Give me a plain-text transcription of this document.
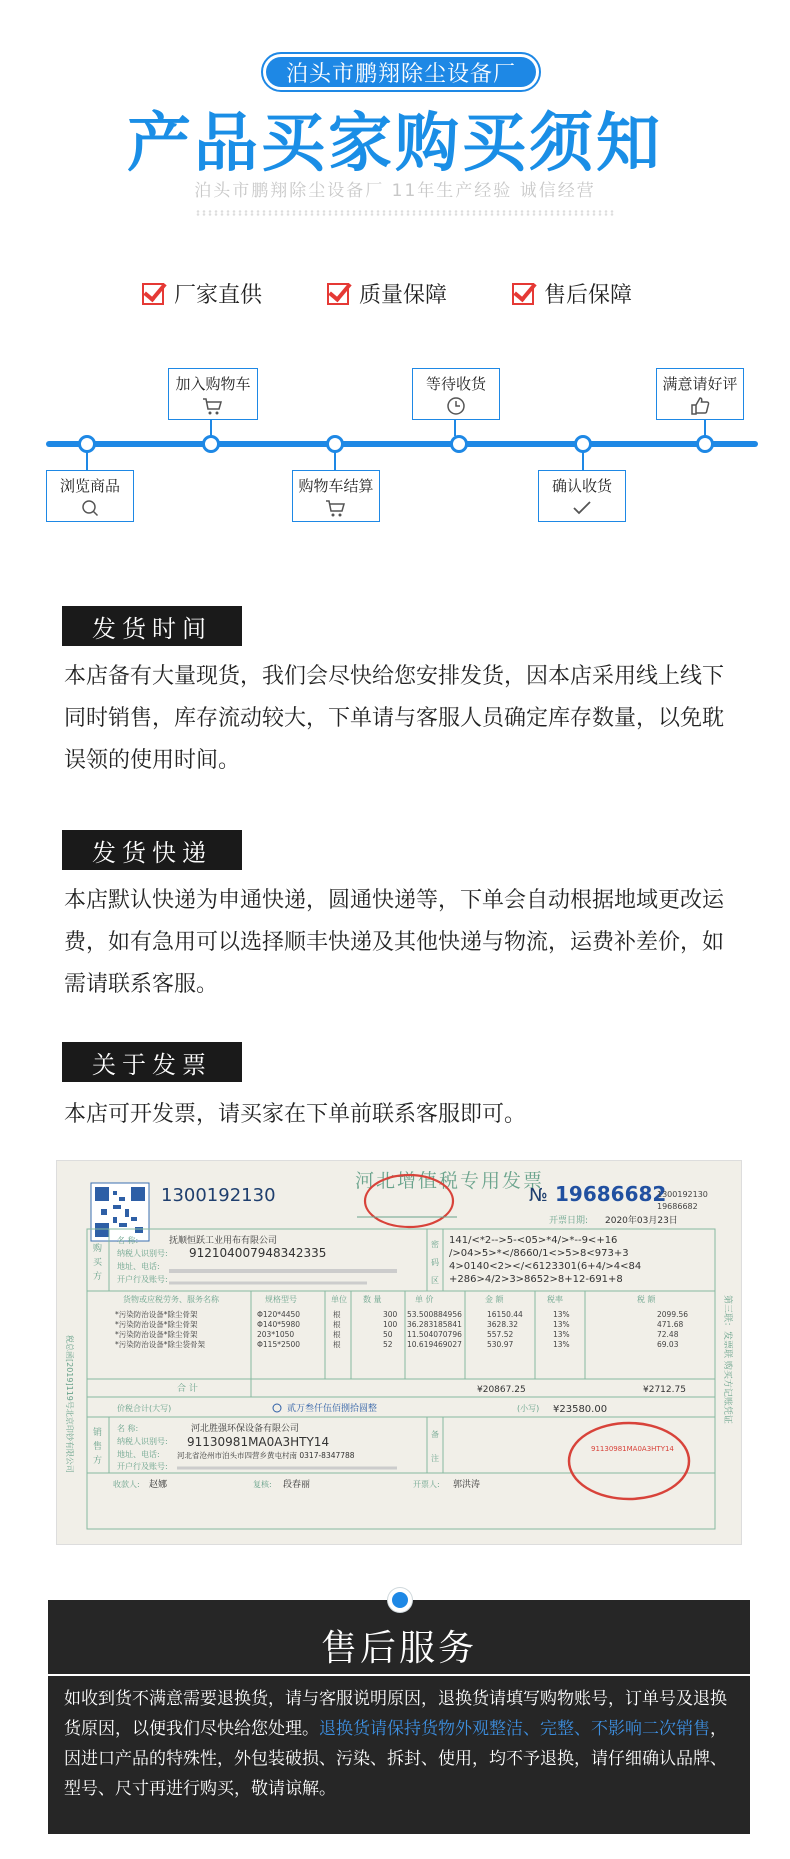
泊头市鹏翔除尘设备厂
产品买家购买须知
泊头市鹏翔除尘设备厂 11年生产经验 诚信经营
厂家直供	质量保障	售后保障
加入购物车	等待收货	满意请好评
浏览商品	购物车结算	确认收货
发货时间

本店备有大量现货，我们会尽快给您安排发货，因本店采用线上线下同时销售，库存流动较大，下单请与客服人员确定库存数量，以免耽误领的使用时间。

发货快递

本店默认快递为申通快递，圆通快递等，下单会自动根据地域更改运费，如有急用可以选择顺丰快递及其他快递与物流，运费补差价，如需请联系客服。

关于发票

本店可开发票，请买家在下单前联系客服即可。

1300192130
河北增值税专用发票
№ 19686682
1300192130
19686682
开票日期: 2020年03月23日
购
买
方
销
售
方
税总函[2019]119号北京印钞有限公司	第三联：发票联 购买方记账凭证
名 称:	抚顺恒跃工业用布有限公司
纳税人识别号: 91210400794834​2335
地址、电话:
开户行及账号:
密
码
区
141/<*2-->5-<05>*4/>*--9<+16
/>04>5>*</8660/1<>5>8<973+3
4>0140<2></<6123301(6+4/>4<84
+286>4/2>3>8652>8+12-691+8
货物或应税劳务、服务名称	规格型号	单位 数 量	单 价	金 额	税率	税 额
*污染防治设备*除尘骨架	Φ120*4450	根	300 53.500884956	16150.44	13%	2099.56
*污染防治设备*除尘骨架	Φ140*5980	根	100 36.283185841	3628.32	13%	471.68
*污染防治设备*除尘骨架	203*1050	根	50 11.504070796	557.52	13%	72.48
*污染防治设备*除尘袋骨架	Φ115*2500	根	52 10.619469027	530.97	13%	69.03
合 计	¥20867.25	¥2712.75
价税合计(大写)	贰万叁仟伍佰捌拾圆整	(小写) ¥23580.00
名 称:	河北胜强环保设备有限公司
纳税人识别号: 91130981MA0A3HTY14
地址、电话: 河北省沧州市泊头市四营乡黄屯村南 0317-8347788
开户行及账号:
备
注
91130981MA0A3HTY14
收款人: 赵娜	复核: 段春丽	开票人: 郭洪涛
售后服务

如收到货不满意需要退换货，请与客服说明原因，退换货请填写购物账号，订单号及退换货原因，以便我们尽快给您处理。退换货请保持货物外观整洁、完整、不影响二次销售，因进口产品的特殊性，外包装破损、污染、拆封、使用，均不予退换，请仔细确认品牌、型号、尺寸再进行购买，敬请谅解。
